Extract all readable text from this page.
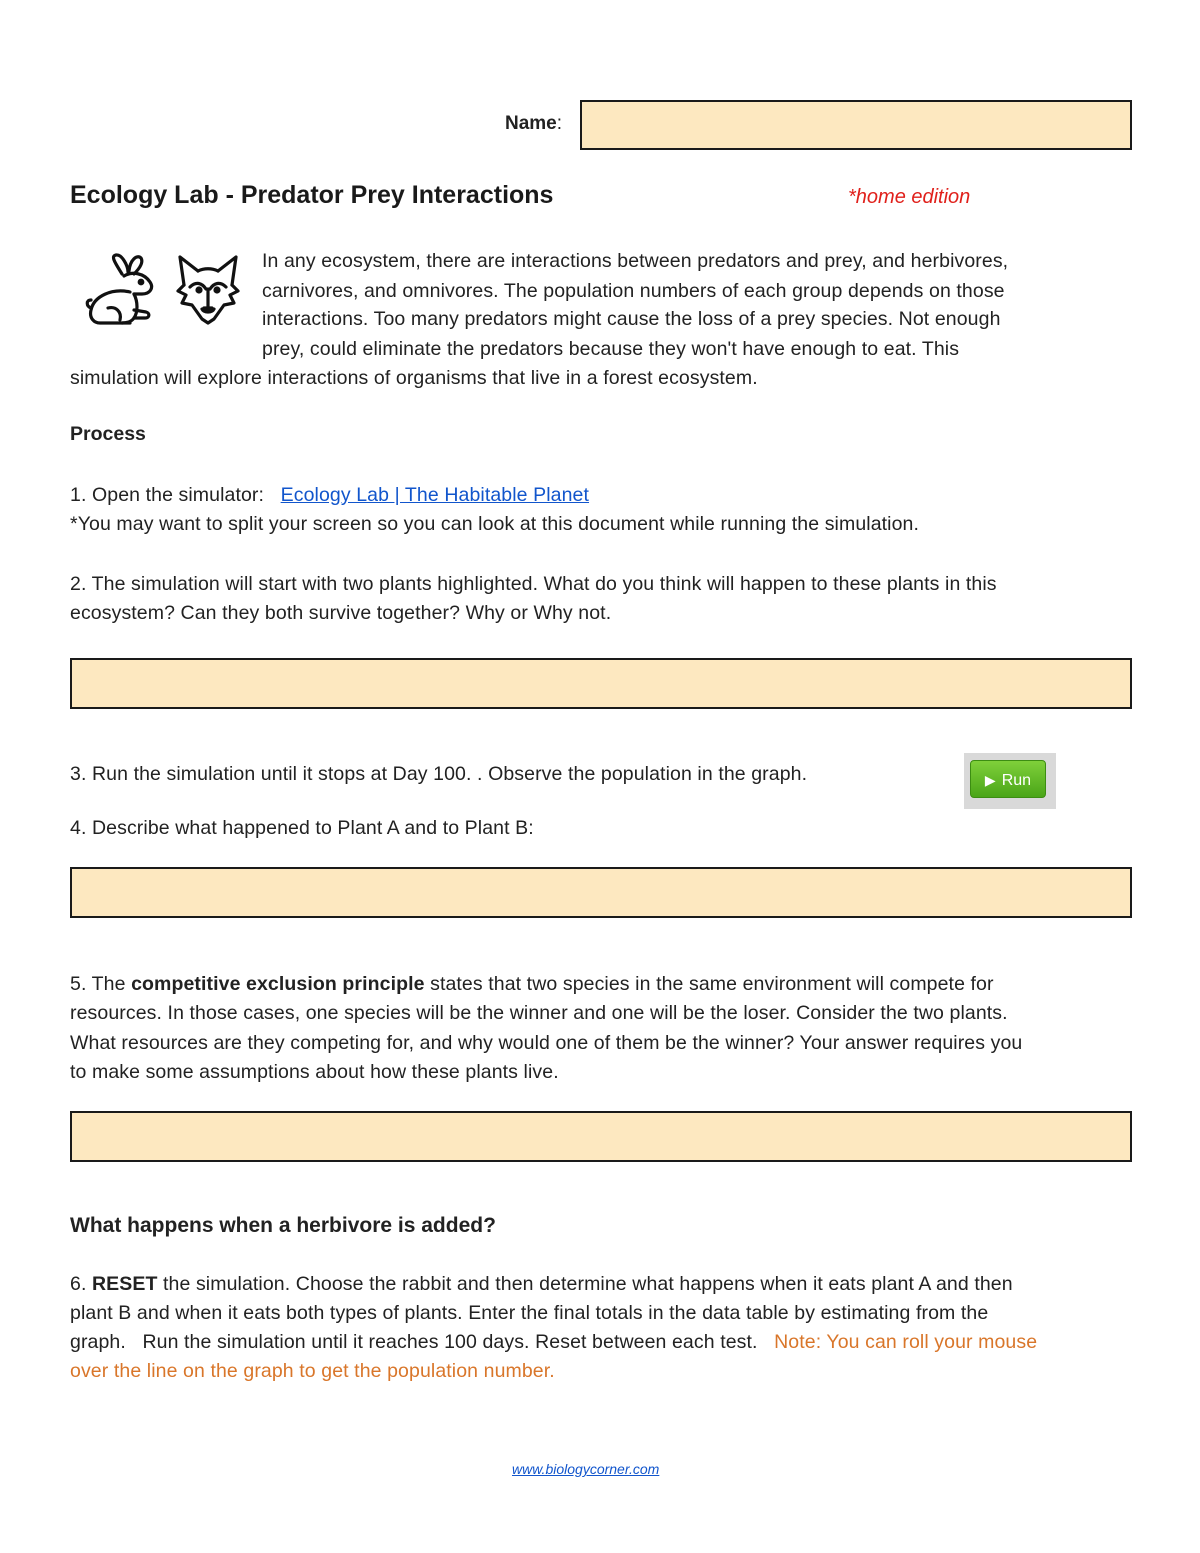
Name:
Ecology Lab - Predator Prey Interactions	*home edition
In any ecosystem, there are interactions between predators and prey, and herbivores,
carnivores, and omnivores. The population numbers of each group depends on those
interactions. Too many predators might cause the loss of a prey species. Not enough
prey, could eliminate the predators because they won't have enough to eat. This
simulation will explore interactions of organisms that live in a forest ecosystem.
Process
1. Open the simulator: Ecology Lab | The Habitable Planet
*You may want to split your screen so you can look at this document while running the simulation.
2. The simulation will start with two plants highlighted. What do you think will happen to these plants in this
ecosystem? Can they both survive together? Why or Why not.
3. Run the simulation until it stops at Day 100. . Observe the population in the graph.	▶ Run
4. Describe what happened to Plant A and to Plant B:
5. The competitive exclusion principle states that two species in the same environment will compete for
resources. In those cases, one species will be the winner and one will be the loser. Consider the two plants.
What resources are they competing for, and why would one of them be the winner? Your answer requires you
to make some assumptions about how these plants live.
What happens when a herbivore is added?
6. RESET the simulation. Choose the rabbit and then determine what happens when it eats plant A and then
plant B and when it eats both types of plants. Enter the final totals in the data table by estimating from the
graph.   Run the simulation until it reaches 100 days. Reset between each test.   Note: You can roll your mouse
over the line on the graph to get the population number.
www.biologycorner.com
